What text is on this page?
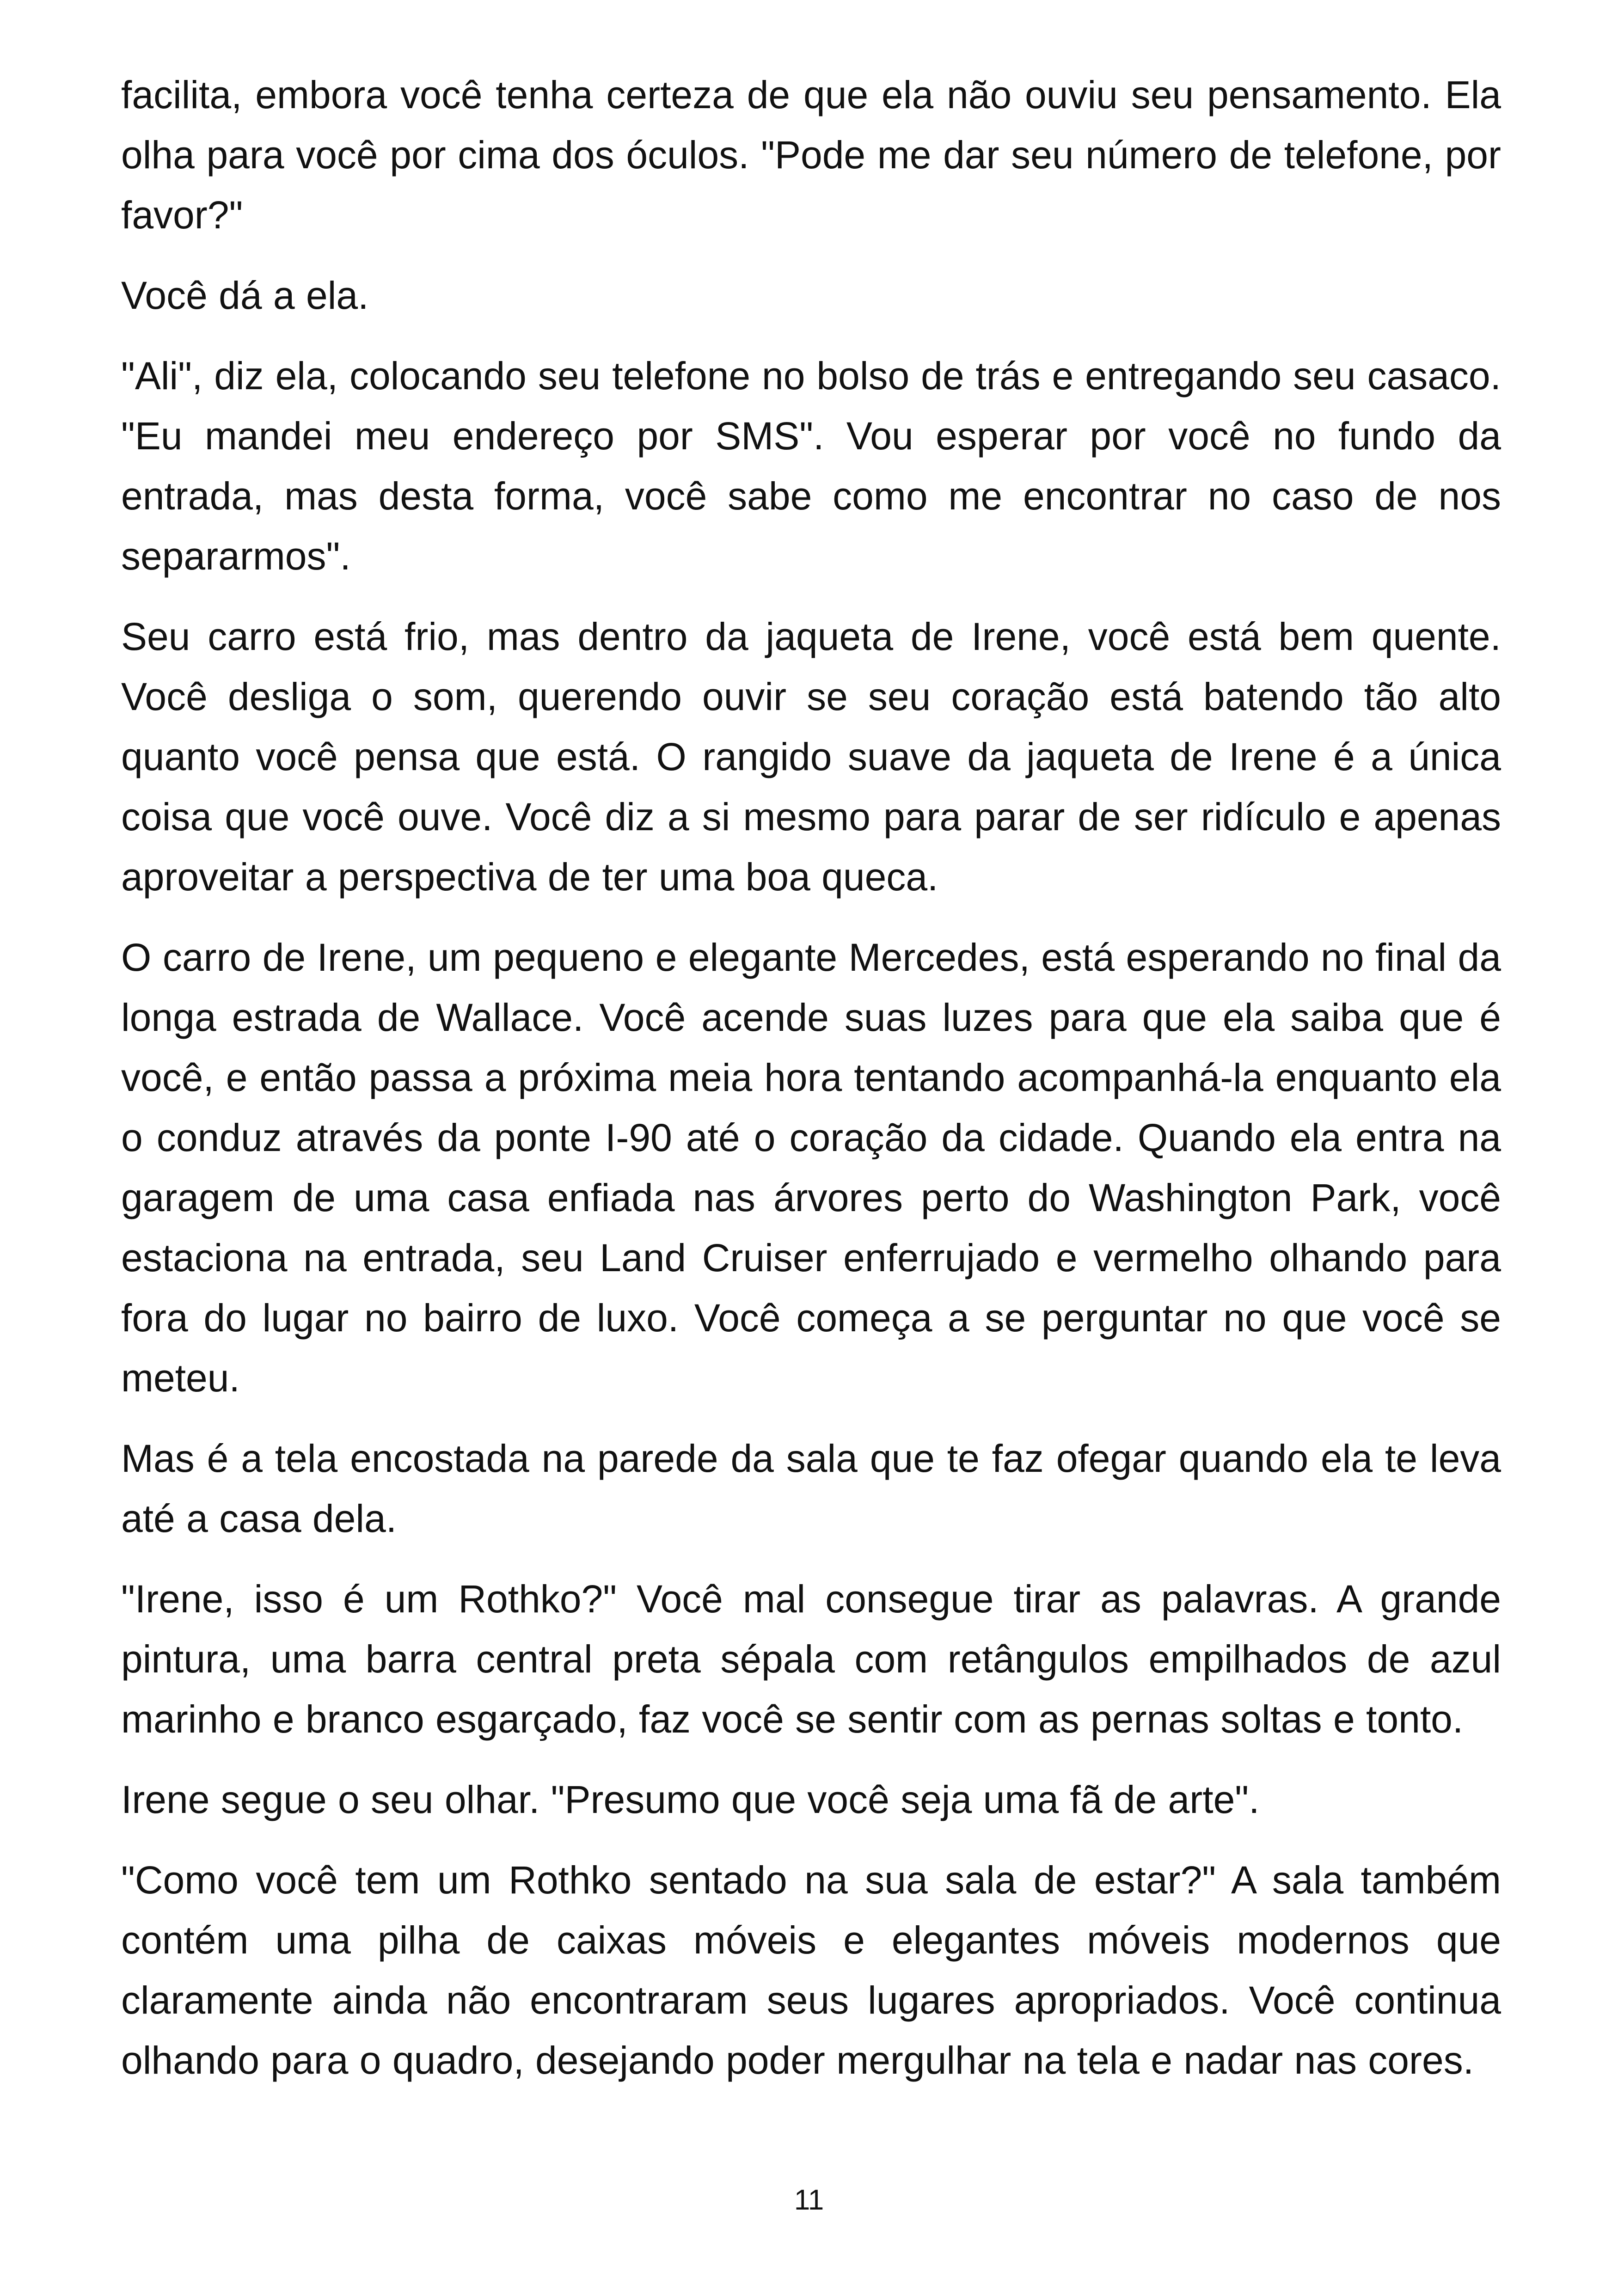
facilita, embora você tenha certeza de que ela não ouviu seu pensamento. Ela olha para você por cima dos óculos. "Pode me dar seu número de telefone, por favor?"

Você dá a ela.

"Ali", diz ela, colocando seu telefone no bolso de trás e entregando seu casaco. "Eu mandei meu endereço por SMS". Vou esperar por você no fundo da entrada, mas desta forma, você sabe como me encontrar no caso de nos separarmos".

Seu carro está frio, mas dentro da jaqueta de Irene, você está bem quente. Você desliga o som, querendo ouvir se seu coração está batendo tão alto quanto você pensa que está. O rangido suave da jaqueta de Irene é a única coisa que você ouve. Você diz a si mesmo para parar de ser ridículo e apenas aproveitar a perspectiva de ter uma boa queca.

O carro de Irene, um pequeno e elegante Mercedes, está esperando no final da longa estrada de Wallace. Você acende suas luzes para que ela saiba que é você, e então passa a próxima meia hora tentando acompanhá-la enquanto ela o conduz através da ponte I-90 até o coração da cidade. Quando ela entra na garagem de uma casa enfiada nas árvores perto do Washington Park, você estaciona na entrada, seu Land Cruiser enferrujado e vermelho olhando para fora do lugar no bairro de luxo. Você começa a se perguntar no que você se meteu.

Mas é a tela encostada na parede da sala que te faz ofegar quando ela te leva até a casa dela.

"Irene, isso é um Rothko?" Você mal consegue tirar as palavras. A grande pintura, uma barra central preta sépala com retângulos empilhados de azul marinho e branco esgarçado, faz você se sentir com as pernas soltas e tonto.

Irene segue o seu olhar. "Presumo que você seja uma fã de arte".

"Como você tem um Rothko sentado na sua sala de estar?" A sala também contém uma pilha de caixas móveis e elegantes móveis modernos que claramente ainda não encontraram seus lugares apropriados. Você continua olhando para o quadro, desejando poder mergulhar na tela e nadar nas cores.

11
